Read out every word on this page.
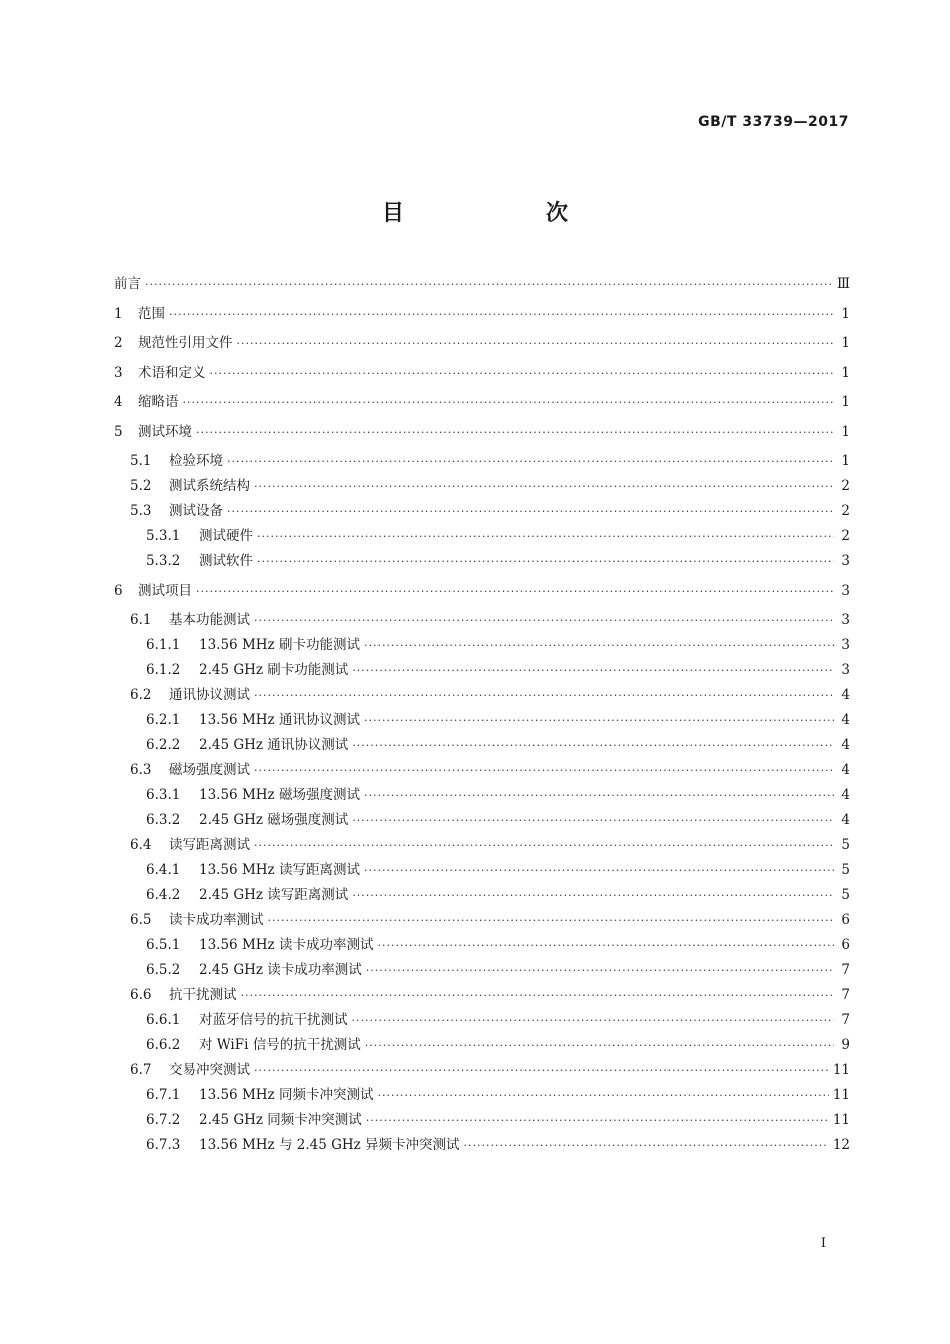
GB/T 33739—2017
目　次
前言 ·····	Ⅲ
1	范围 ·····	1
2	规范性引用文件 ·····	1
3	术语和定义 ·····	1
4	缩略语 ·····	1
5	测试环境 ·····	1
5.1	检验环境 ·····	1
5.2	测试系统结构 ·····	2
5.3	测试设备 ·····	2
5.3.1	测试硬件 ·····	2
5.3.2	测试软件 ·····	3
6	测试项目 ·····	3
6.1	基本功能测试 ·····	3
6.1.1	13.56 MHz 刷卡功能测试 ·····	3
6.1.2	2.45 GHz 刷卡功能测试 ·····	3
6.2	通讯协议测试 ·····	4
6.2.1	13.56 MHz 通讯协议测试 ·····	4
6.2.2	2.45 GHz 通讯协议测试 ·····	4
6.3	磁场强度测试 ·····	4
6.3.1	13.56 MHz 磁场强度测试 ·····	4
6.3.2	2.45 GHz 磁场强度测试 ·····	4
6.4	读写距离测试 ·····	5
6.4.1	13.56 MHz 读写距离测试 ·····	5
6.4.2	2.45 GHz 读写距离测试 ·····	5
6.5	读卡成功率测试 ·····	6
6.5.1	13.56 MHz 读卡成功率测试 ·····	6
6.5.2	2.45 GHz 读卡成功率测试 ·····	7
6.6	抗干扰测试 ·····	7
6.6.1	对蓝牙信号的抗干扰测试 ·····	7
6.6.2	对 WiFi 信号的抗干扰测试 ·····	9
6.7	交易冲突测试 ·····	11
6.7.1	13.56 MHz 同频卡冲突测试 ·····	11
6.7.2	2.45 GHz 同频卡冲突测试 ·····	11
6.7.3	13.56 MHz 与 2.45 GHz 异频卡冲突测试 ·····	12
I
